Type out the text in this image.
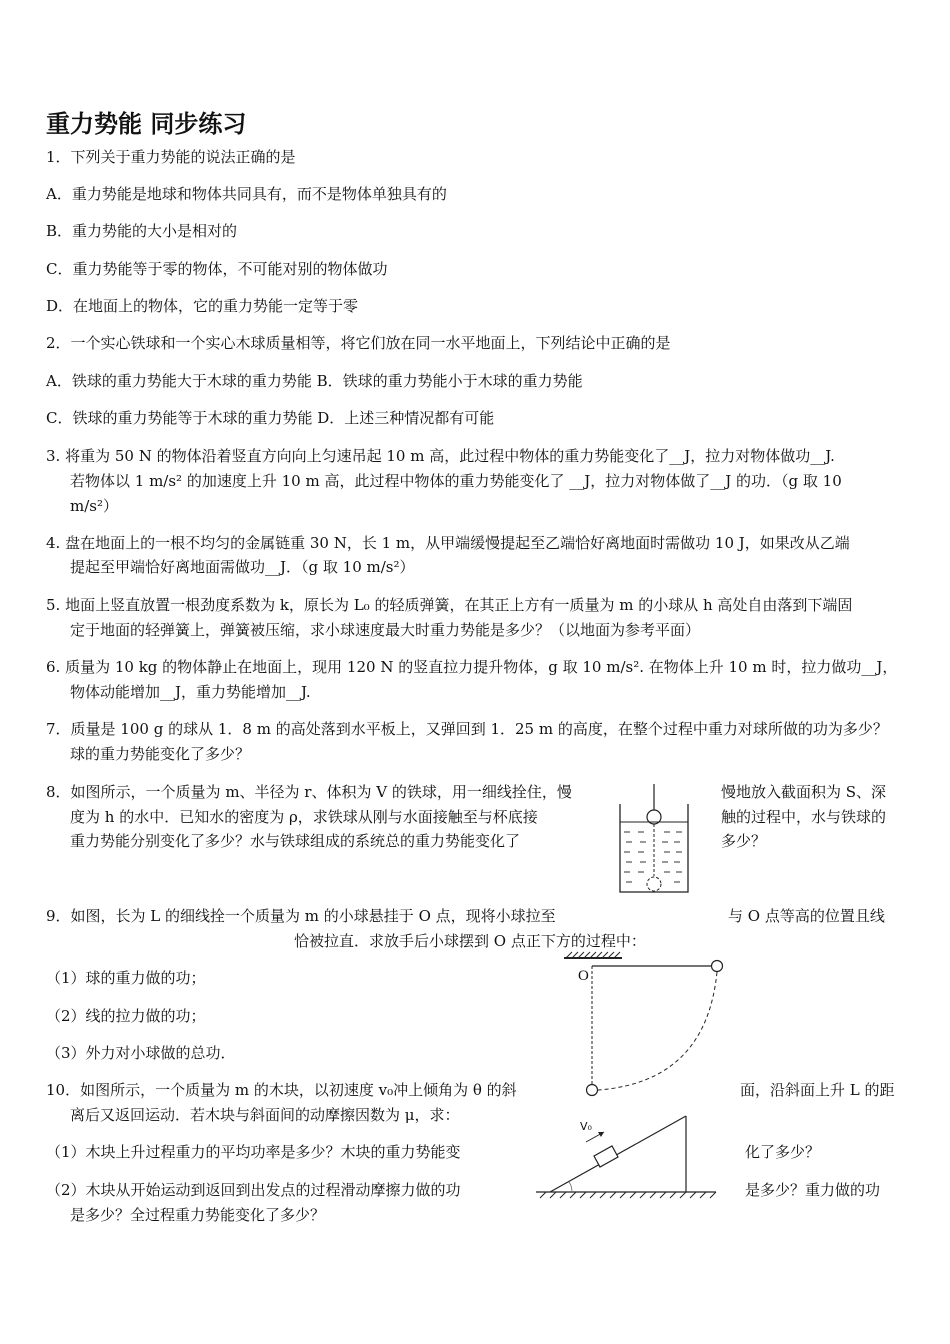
重力势能 同步练习
1．下列关于重力势能的说法正确的是
A．重力势能是地球和物体共同具有，而不是物体单独具有的
B．重力势能的大小是相对的
C．重力势能等于零的物体，不可能对别的物体做功
D．在地面上的物体，它的重力势能一定等于零
2．一个实心铁球和一个实心木球质量相等，将它们放在同一水平地面上，下列结论中正确的是
A．铁球的重力势能大于木球的重力势能 B．铁球的重力势能小于木球的重力势能
C．铁球的重力势能等于木球的重力势能 D．上述三种情况都有可能
3. 将重为 50 N 的物体沿着竖直方向向上匀速吊起 10 m 高，此过程中物体的重力势能变化了__J，拉力对物体做功__J.
若物体以 1 m/s² 的加速度上升 10 m 高，此过程中物体的重力势能变化了 __J，拉力对物体做了__J 的功．（g 取 10
m/s²）
4. 盘在地面上的一根不均匀的金属链重 30 N，长 1 m，从甲端缓慢提起至乙端恰好离地面时需做功 10 J，如果改从乙端
提起至甲端恰好离地面需做功__J．（g 取 10 m/s²）
5. 地面上竖直放置一根劲度系数为 k，原长为 L₀ 的轻质弹簧，在其正上方有一质量为 m 的小球从 h 高处自由落到下端固
定于地面的轻弹簧上，弹簧被压缩，求小球速度最大时重力势能是多少？（以地面为参考平面）
6. 质量为 10 kg 的物体静止在地面上，现用 120 N 的竖直拉力提升物体，g 取 10 m/s². 在物体上升 10 m 时，拉力做功__J，
物体动能增加__J，重力势能增加__J.
7．质量是 100 g 的球从 1．8 m 的高处落到水平板上，又弹回到 1．25 m 的高度，在整个过程中重力对球所做的功为多少？
球的重力势能变化了多少？
8．如图所示，一个质量为 m、半径为 r、体积为 V 的铁球，用一细线拴住，慢	慢地放入截面积为 S、深
度为 h 的水中．已知水的密度为 ρ，求铁球从刚与水面接触至与杯底接	触的过程中，水与铁球的
重力势能分别变化了多少？水与铁球组成的系统总的重力势能变化了	多少？
9．如图，长为 L 的细线拴一个质量为 m 的小球悬挂于 O 点，现将小球拉至	与 O 点等高的位置且线
恰被拉直．求放手后小球摆到 O 点正下方的过程中：
（1）球的重力做的功；
（2）线的拉力做的功；
（3）外力对小球做的总功．
O
10．如图所示，一个质量为 m 的木块，以初速度 v₀冲上倾角为 θ 的斜	面，沿斜面上升 L 的距
离后又返回运动．若木块与斜面间的动摩擦因数为 μ，求：
（1）木块上升过程重力的平均功率是多少？木块的重力势能变	化了多少？
（2）木块从开始运动到返回到出发点的过程滑动摩擦力做的功	是多少？重力做的功
是多少？全过程重力势能变化了多少？
V₀
